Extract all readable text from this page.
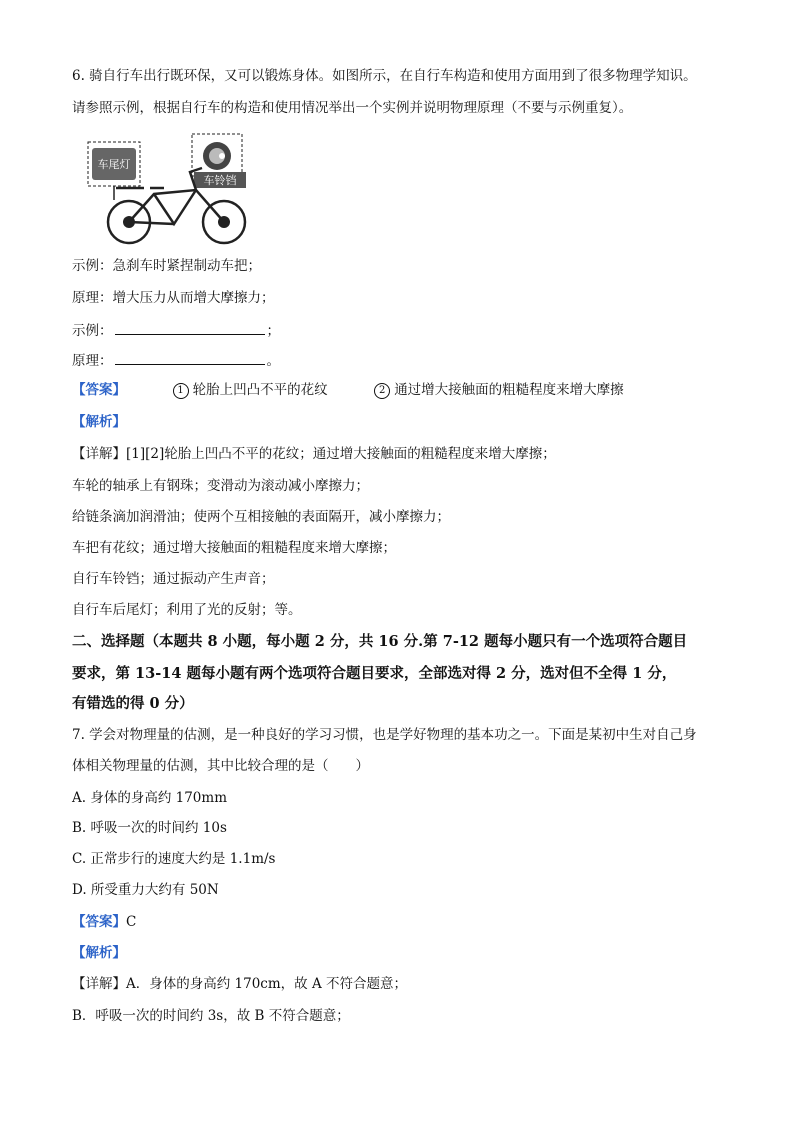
6. 骑自行车出行既环保，又可以锻炼身体。如图所示，在自行车构造和使用方面用到了很多物理学知识。
请参照示例，根据自行车的构造和使用情况举出一个实例并说明物理原理（不要与示例重复）。
车尾灯
车铃铛
示例：急刹车时紧捏制动车把；
原理：增大压力从而增大摩擦力；
示例：	；
原理：	。
【答案】	1 轮胎上凹凸不平的花纹	2 通过增大接触面的粗糙程度来增大摩擦
【解析】
【详解】[1][2]轮胎上凹凸不平的花纹；通过增大接触面的粗糙程度来增大摩擦；
车轮的轴承上有钢珠；变滑动为滚动减小摩擦力；
给链条滴加润滑油；使两个互相接触的表面隔开，减小摩擦力；
车把有花纹；通过增大接触面的粗糙程度来增大摩擦；
自行车铃铛；通过振动产生声音；
自行车后尾灯；利用了光的反射；等。
二、选择题（本题共 8 小题，每小题 2 分，共 16 分.第 7-12 题每小题只有一个选项符合题目
要求，第 13-14 题每小题有两个选项符合题目要求，全部选对得 2 分，选对但不全得 1 分，
有错选的得 0 分）
7. 学会对物理量的估测，是一种良好的学习习惯，也是学好物理的基本功之一。下面是某初中生对自己身
体相关物理量的估测，其中比较合理的是（　　）
A. 身体的身高约 170mm
B. 呼吸一次的时间约 10s
C. 正常步行的速度大约是 1.1m/s
D. 所受重力大约有 50N
【答案】C
【解析】
【详解】A．身体的身高约 170cm，故 A 不符合题意；
B．呼吸一次的时间约 3s，故 B 不符合题意；
